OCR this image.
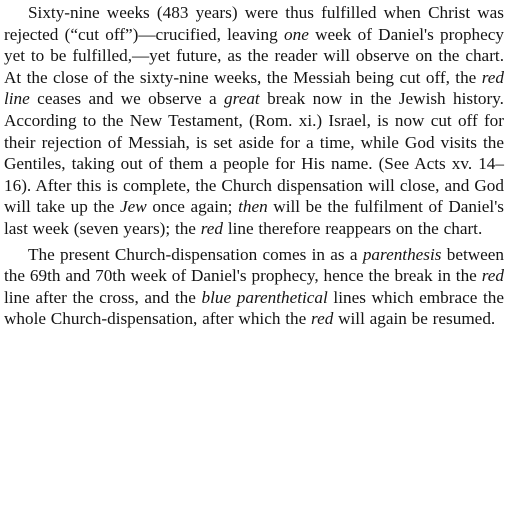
Sixty-nine weeks (483 years) were thus fulfilled when Christ was rejected (“cut off”)—crucified, leaving one week of Daniel's prophecy yet to be fulfilled,—yet future, as the reader will observe on the chart. At the close of the sixty-nine weeks, the Messiah being cut off, the red line ceases and we observe a great break now in the Jewish history. According to the New Testament, (Rom. xi.) Israel, is now cut off for their rejection of Messiah, is set aside for a time, while God visits the Gentiles, taking out of them a people for His name. (See Acts xv. 14–16). After this is complete, the Church dispensation will close, and God will take up the Jew once again; then will be the fulfilment of Daniel's last week (seven years); the red line therefore reappears on the chart.

The present Church-dispensation comes in as a parenthesis between the 69th and 70th week of Daniel's prophecy, hence the break in the red line after the cross, and the blue parenthetical lines which embrace the whole Church-dispensation, after which the red will again be resumed.
